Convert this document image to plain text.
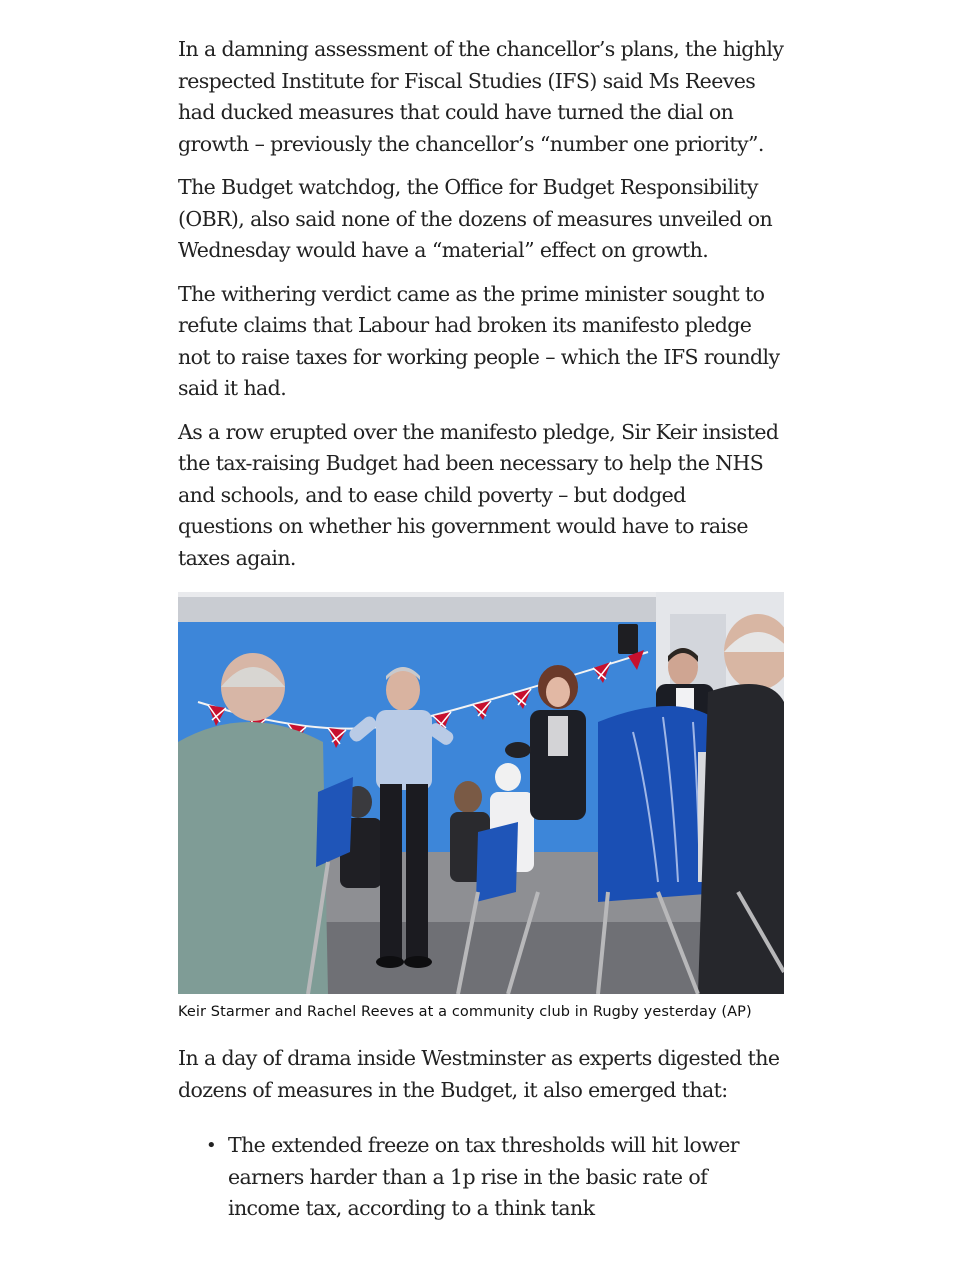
In a damning assessment of the chancellor’s plans, the highly respected Institute for Fiscal Studies (IFS) said Ms Reeves had ducked measures that could have turned the dial on growth – previously the chancellor’s “number one priority”.

The Budget watchdog, the Office for Budget Responsibility (OBR), also said none of the dozens of measures unveiled on Wednesday would have a “material” effect on growth.

The withering verdict came as the prime minister sought to refute claims that Labour had broken its manifesto pledge not to raise taxes for working people – which the IFS roundly said it had.

As a row erupted over the manifesto pledge, Sir Keir insisted the tax-raising Budget had been necessary to help the NHS and schools, and to ease child poverty – but dodged questions on whether his government would have to raise taxes again.

Keir Starmer and Rachel Reeves at a community club in Rugby yesterday (AP)

In a day of drama inside Westminster as experts digested the dozens of measures in the Budget, it also emerged that:

• The extended freeze on tax thresholds will hit lower earners harder than a 1p rise in the basic rate of income tax, according to a think tank
